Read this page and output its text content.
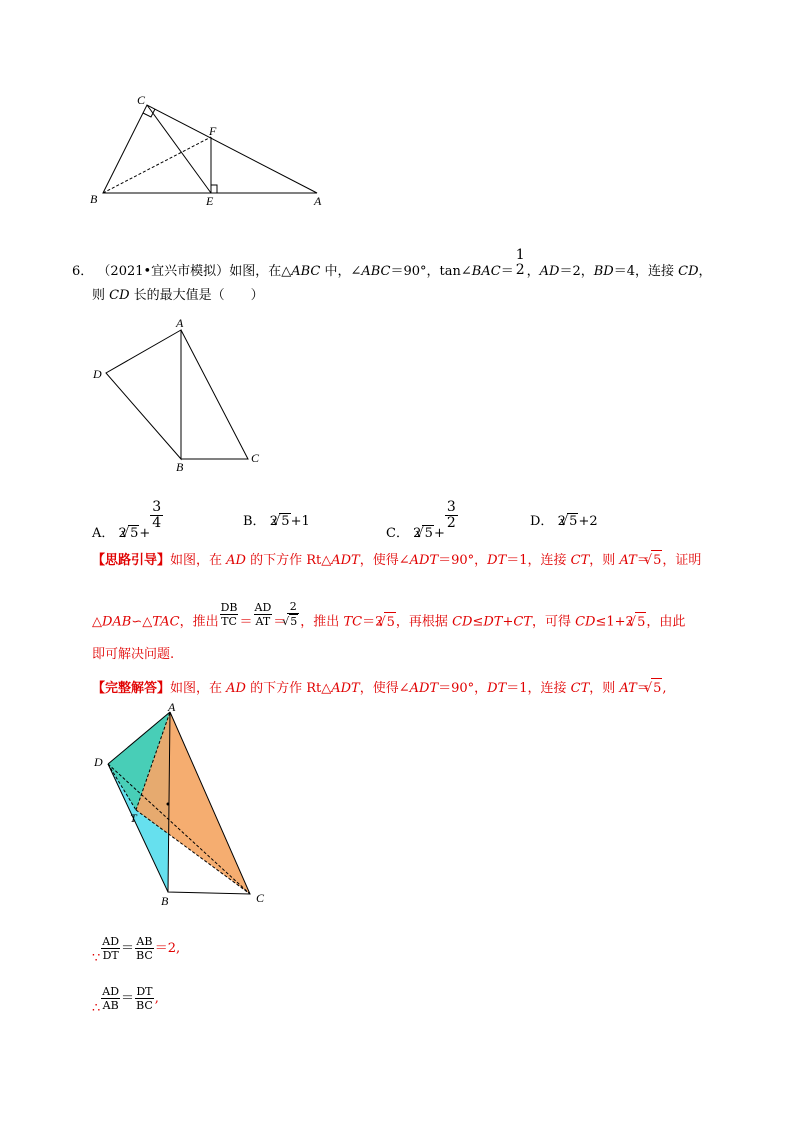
C
F
B	E	A
6． （2021•宜兴市模拟）如图，在△ABC 中，∠ABC＝90°，tan∠BAC＝
1
2 ，AD＝2，BD＝4，连接 CD，
则 CD 长的最大值是（　　）
A
D
B
C
A． 2 √ 5+
$\frac{3}{4}$	B． 2 √ 5+1
C． 2 √ 5+
$\frac{3}{2}$	D． 2 √ 5+2
【思路引导】如图，在 AD 的下方作 Rt△ADT，使得∠ADT＝90°，DT＝1，连接 CT，则 AT＝ √ 5，证明
△DAB∽△TAC，推出 $\frac{DB}{TC} = \frac{AD}{AT} = 2$
√ 5 ，推出 TC＝2 √ 5，再根据 CD≤DT+CT，可得 CD≤1+2 √ 5，由此
即可解决问题.
【完整解答】如图，在 AD 的下方作 Rt△ADT，使得∠ADT＝90°，DT＝1，连接 CT，则 AT＝ √ 5,
A
D
T
B	C
∵ $\frac{AD}{DT} = \frac{AB}{BC} =2$,
∴ $\frac{AD}{AB} = \frac{DT}{BC}$ ,
